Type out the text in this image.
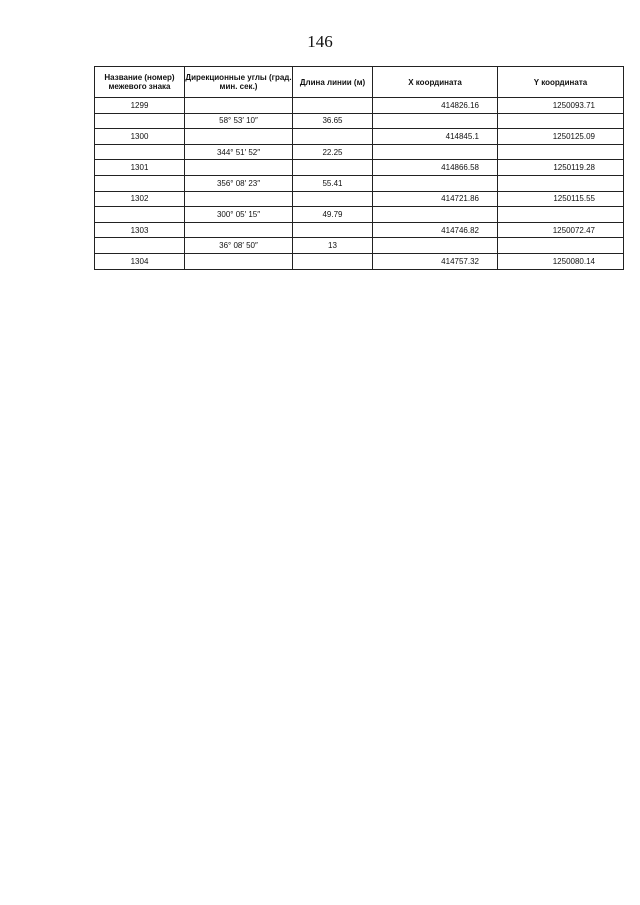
146
Название (номер) межевого знака	Дирекционные углы (град. мин. сек.)	Длина линии (м)	X координата	Y координата
1299			414826.16	1250093.71
	58° 53′ 10″	36.65		
1300			414845.1	1250125.09
	344° 51′ 52″	22.25		
1301			414866.58	1250119.28
	356° 08′ 23″	55.41		
1302			414721.86	1250115.55
	300° 05′ 15″	49.79		
1303			414746.82	1250072.47
	36° 08′ 50″	13		
1304			414757.32	1250080.14
